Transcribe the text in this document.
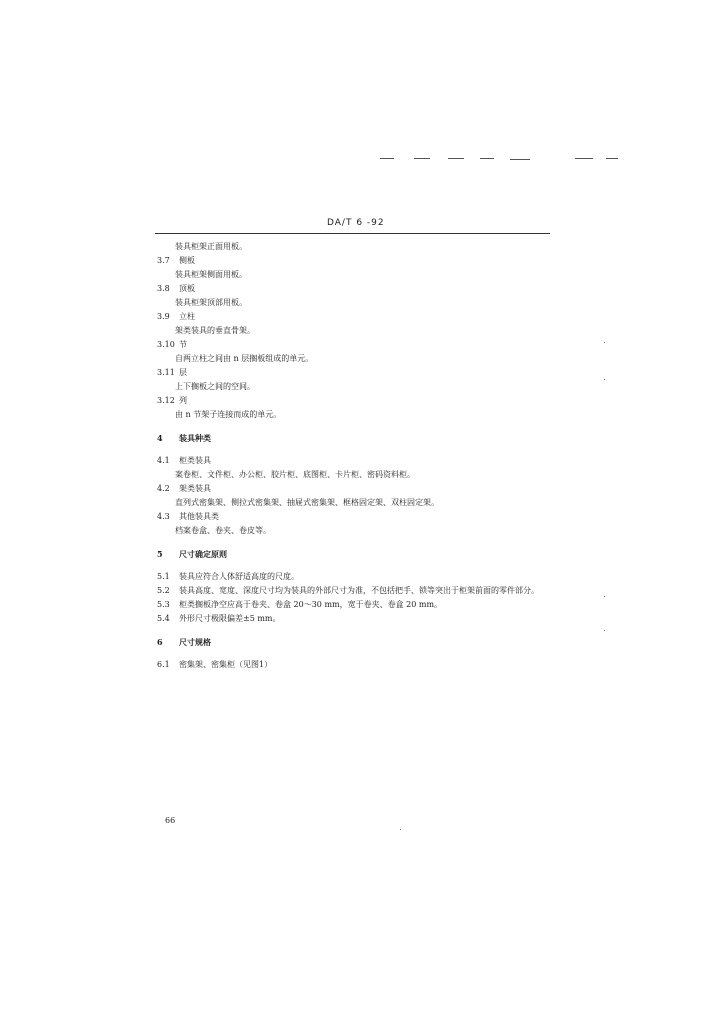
DA/T 6 -92
装具柜架正面用板。
3.7 侧板
装具柜架侧面用板。
3.8 顶板
装具柜架顶部用板。
3.9 立柱
架类装具的垂直骨架。
3.10 节
自两立柱之间由 n 层搁板组成的单元。
3.11 层
上下搁板之间的空间。
3.12 列
由 n 节架子连接而成的单元。
4 装具种类
4.1 柜类装具
案卷柜、文件柜、办公柜、胶片柜、底图柜、卡片柜、密码资料柜。
4.2 架类装具
直列式密集架、侧拉式密集架、抽屉式密集架、框格固定架、双柱固定架。
4.3 其他装具类
档案卷盒、卷夹、卷皮等。
5 尺寸确定原则
5.1 装具应符合人体舒适高度的尺度。
5.2 装具高度、宽度、深度尺寸均为装具的外部尺寸为准，不包括把手、锁等突出于柜架前面的零件部分。
5.3 柜类搁板净空应高于卷夹、卷盒 20～30 mm，宽于卷夹、卷盒 20 mm。
5.4 外形尺寸极限偏差±5 mm。
6 尺寸规格
6.1 密集架、密集柜（见图1）
66
